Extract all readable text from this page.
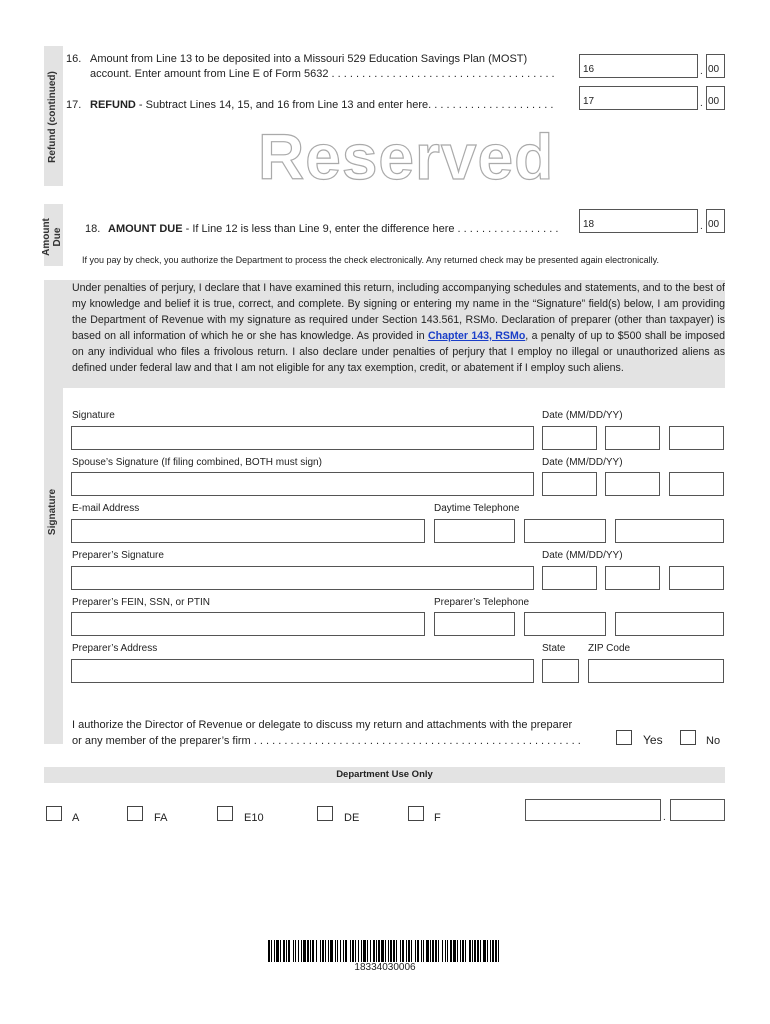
Refund (continued)
16. Amount from Line 13 to be deposited into a Missouri 529 Education Savings Plan (MOST)
account. Enter amount from Line E of Form 5632 . . . . . . . . . . . . . . . . . . . . . . . . . . . . . . . . . . . . .	16	. 00
17. REFUND - Subtract Lines 14, 15, and 16 from Line 13 and enter here. . . . . . . . . . . . . . . . . . . . .	17	. 00
Reserved
Amount Due 18. AMOUNT DUE - If Line 12 is less than Line 9, enter the difference here . . . . . . . . . . . . . . . . . 18	. 00
If you pay by check, you authorize the Department to process the check electronically. Any returned check may be presented again electronically.
Signature
Under penalties of perjury, I declare that I have examined this return, including accompanying schedules and statements, and to the best of my knowledge and belief it is true, correct, and complete. By signing or entering my name in the “Signature” field(s) below, I am providing the Department of Revenue with my signature as required under Section 143.561, RSMo. Declaration of preparer (other than taxpayer) is based on all information of which he or she has knowledge. As provided in Chapter 143, RSMo, a penalty of up to $500 shall be imposed on any individual who files a frivolous return. I also declare under penalties of perjury that I employ no illegal or unauthorized aliens as defined under federal law and that I am not eligible for any tax exemption, credit, or abatement if I employ such aliens.
Signature	Date (MM/DD/YY)
Spouse’s Signature (If filing combined, BOTH must sign)	Date (MM/DD/YY)
E-mail Address	Daytime Telephone
Preparer’s Signature	Date (MM/DD/YY)
Preparer’s FEIN, SSN, or PTIN	Preparer’s Telephone
Preparer’s Address	State ZIP Code
I authorize the Director of Revenue or delegate to discuss my return and attachments with the preparer
or any member of the preparer’s firm . . . . . . . . . . . . . . . . . . . . . . . . . . . . . . . . . . . . . . . . . . . . . . . . . . . . . .	Yes	No
Department Use Only
A	FA	E10	DE	F	.
18334030006
